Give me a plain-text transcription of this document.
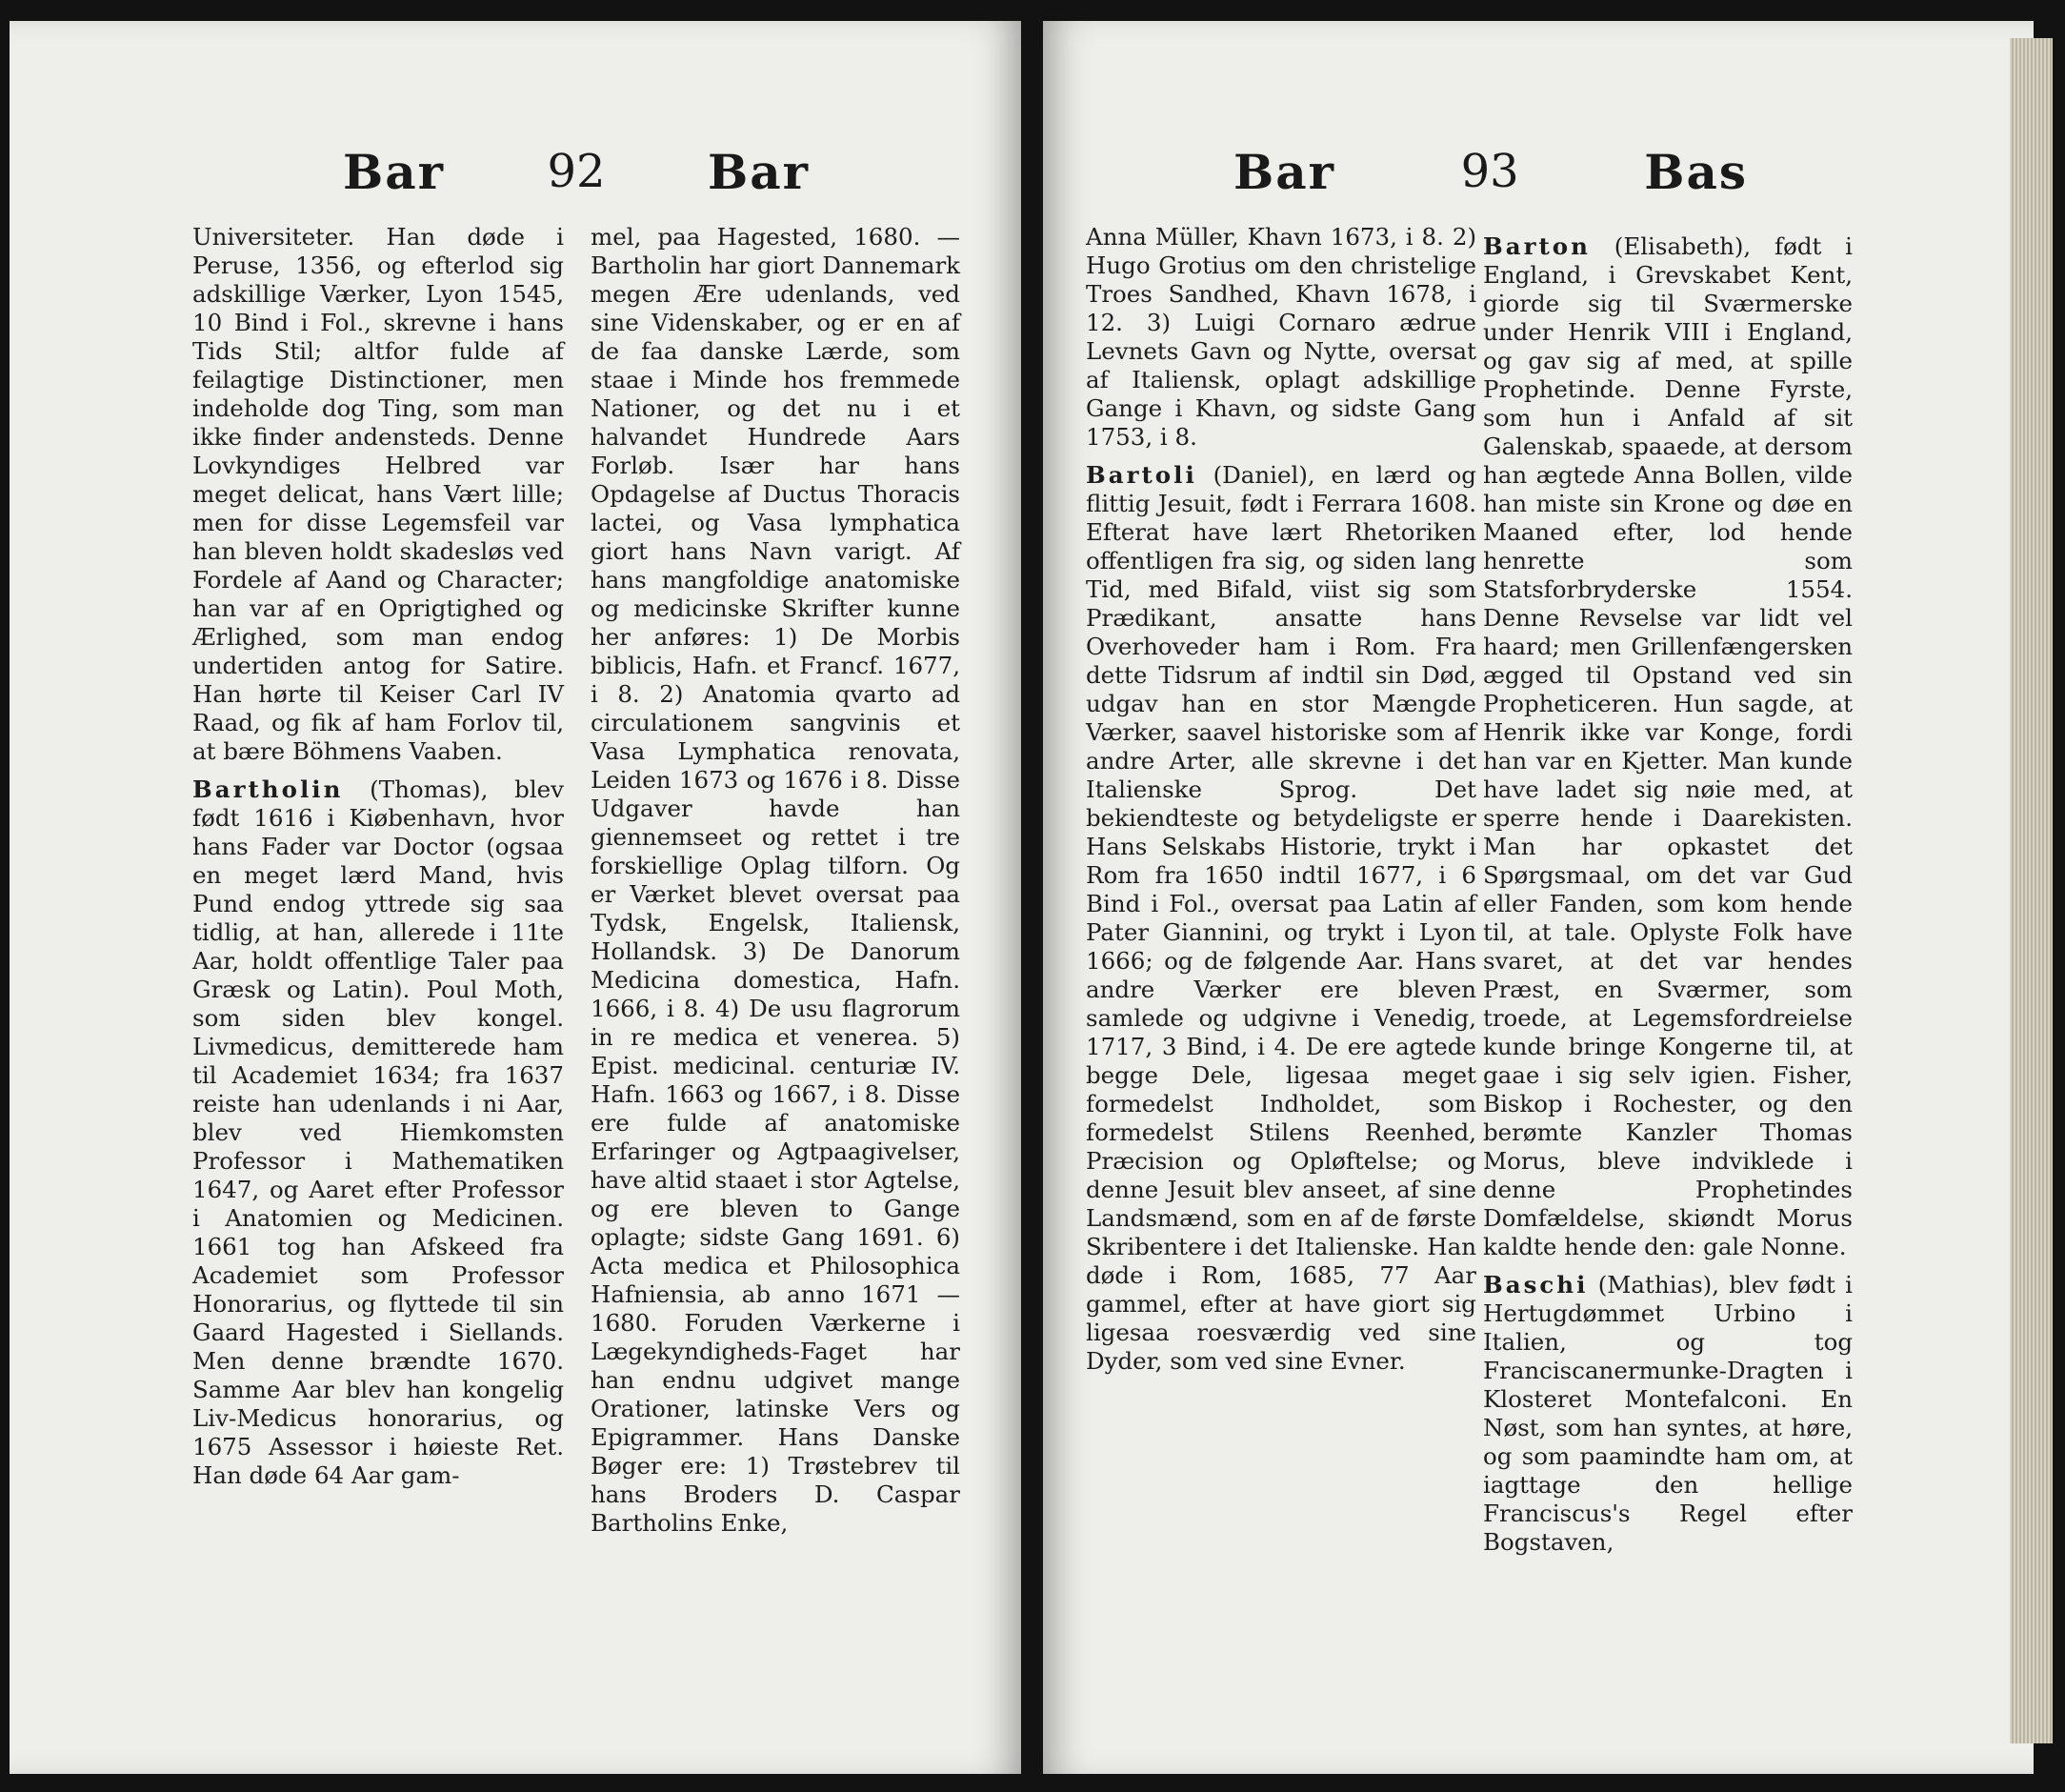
Bar 92 Bar

Universiteter. Han døde i Peruse, 1356, og efterlod sig adskillige Værker, Lyon 1545, 10 Bind i Fol., skrevne i hans Tids Stil; altfor fulde af feilagtige Distinctioner, men indeholde dog Ting, som man ikke finder andensteds. Denne Lovkyndiges Helbred var meget delicat, hans Vært lille; men for disse Legemsfeil var han bleven holdt skadesløs ved Fordele af Aand og Character; han var af en Oprigtighed og Ærlighed, som man endog undertiden antog for Satire. Han hørte til Keiser Carl IV Raad, og fik af ham Forlov til, at bære Böhmens Vaaben.

Bartholin (Thomas), blev født 1616 i Kiøbenhavn, hvor hans Fader var Doctor (ogsaa en meget lærd Mand, hvis Pund endog yttrede sig saa tidlig, at han, allerede i 11te Aar, holdt offentlige Taler paa Græsk og Latin). Poul Moth, som siden blev kongel. Livmedicus, demitterede ham til Academiet 1634; fra 1637 reiste han udenlands i ni Aar, blev ved Hiemkomsten Professor i Mathematiken 1647, og Aaret efter Professor i Anatomien og Medicinen. 1661 tog han Afskeed fra Academiet som Professor Honorarius, og flyttede til sin Gaard Hagested i Siellands. Men denne brændte 1670. Samme Aar blev han kongelig Liv-Medicus honorarius, og 1675 Assessor i høieste Ret. Han døde 64 Aar gam-

mel, paa Hagested, 1680. — Bartholin har giort Dannemark megen Ære udenlands, ved sine Videnskaber, og er en af de faa danske Lærde, som staae i Minde hos fremmede Nationer, og det nu i et halvandet Hundrede Aars Forløb. Især har hans Opdagelse af Ductus Thoracis lactei, og Vasa lymphatica giort hans Navn varigt. Af hans mangfoldige anatomiske og medicinske Skrifter kunne her anføres: 1) De Morbis biblicis, Hafn. et Francf. 1677, i 8. 2) Anatomia qvarto ad circulationem sangvinis et Vasa Lymphatica renovata, Leiden 1673 og 1676 i 8. Disse Udgaver havde han giennemseet og rettet i tre forskiellige Oplag tilforn. Og er Værket blevet oversat paa Tydsk, Engelsk, Italiensk, Hollandsk. 3) De Danorum Medicina domestica, Hafn. 1666, i 8. 4) De usu flagrorum in re medica et venerea. 5) Epist. medicinal. centuriæ IV. Hafn. 1663 og 1667, i 8. Disse ere fulde af anatomiske Erfaringer og Agtpaagivelser, have altid staaet i stor Agtelse, og ere bleven to Gange oplagte; sidste Gang 1691. 6) Acta medica et Philosophica Hafniensia, ab anno 1671 — 1680. Foruden Værkerne i Lægekyndigheds-Faget har han endnu udgivet mange Orationer, latinske Vers og Epigrammer. Hans Danske Bøger ere: 1) Trøstebrev til hans Broders D. Caspar Bartholins Enke,

Bar	93	Bas

Anna Müller, Khavn 1673, i 8. 2) Hugo Grotius om den christelige Troes Sandhed, Khavn 1678, i 12. 3) Luigi Cornaro ædrue Levnets Gavn og Nytte, oversat af Italiensk, oplagt adskillige Gange i Khavn, og sidste Gang 1753, i 8.

Bartoli (Daniel), en lærd og flittig Jesuit, født i Ferrara 1608. Efterat have lært Rhetoriken offentligen fra sig, og siden lang Tid, med Bifald, viist sig som Prædikant, ansatte hans Overhoveder ham i Rom. Fra dette Tidsrum af indtil sin Død, udgav han en stor Mængde Værker, saavel historiske som af andre Arter, alle skrevne i det Italienske Sprog. Det bekiendteste og betydeligste er Hans Selskabs Historie, trykt i Rom fra 1650 indtil 1677, i 6 Bind i Fol., oversat paa Latin af Pater Giannini, og trykt i Lyon 1666; og de følgende Aar. Hans andre Værker ere bleven samlede og udgivne i Venedig, 1717, 3 Bind, i 4. De ere agtede begge Dele, ligesaa meget formedelst Indholdet, som formedelst Stilens Reenhed, Præcision og Opløftelse; og denne Jesuit blev anseet, af sine Landsmænd, som en af de første Skribentere i det Italienske. Han døde i Rom, 1685, 77 Aar gammel, efter at have giort sig ligesaa roesværdig ved sine Dyder, som ved sine Evner.

Barton (Elisabeth), født i England, i Grevskabet Kent, giorde sig til Sværmerske under Henrik VIII i England, og gav sig af med, at spille Prophetinde. Denne Fyrste, som hun i Anfald af sit Galenskab, spaaede, at dersom han ægtede Anna Bollen, vilde han miste sin Krone og døe en Maaned efter, lod hende henrette som Statsforbryderske 1554. Denne Revselse var lidt vel haard; men Grillenfængersken ægged til Opstand ved sin Propheticeren. Hun sagde, at Henrik ikke var Konge, fordi han var en Kjetter. Man kunde have ladet sig nøie med, at sperre hende i Daarekisten. Man har opkastet det Spørgsmaal, om det var Gud eller Fanden, som kom hende til, at tale. Oplyste Folk have svaret, at det var hendes Præst, en Sværmer, som troede, at Legemsfordreielse kunde bringe Kongerne til, at gaae i sig selv igien. Fisher, Biskop i Rochester, og den berømte Kanzler Thomas Morus, bleve indviklede i denne Prophetindes Domfældelse, skiøndt Morus kaldte hende den: gale Nonne.

Baschi (Mathias), blev født i Hertugdømmet Urbino i Italien, og tog Franciscanermunke-Dragten i Klosteret Montefalconi. En Nøst, som han syntes, at høre, og som paamindte ham om, at iagttage den hellige Franciscus's Regel efter Bogstaven,
